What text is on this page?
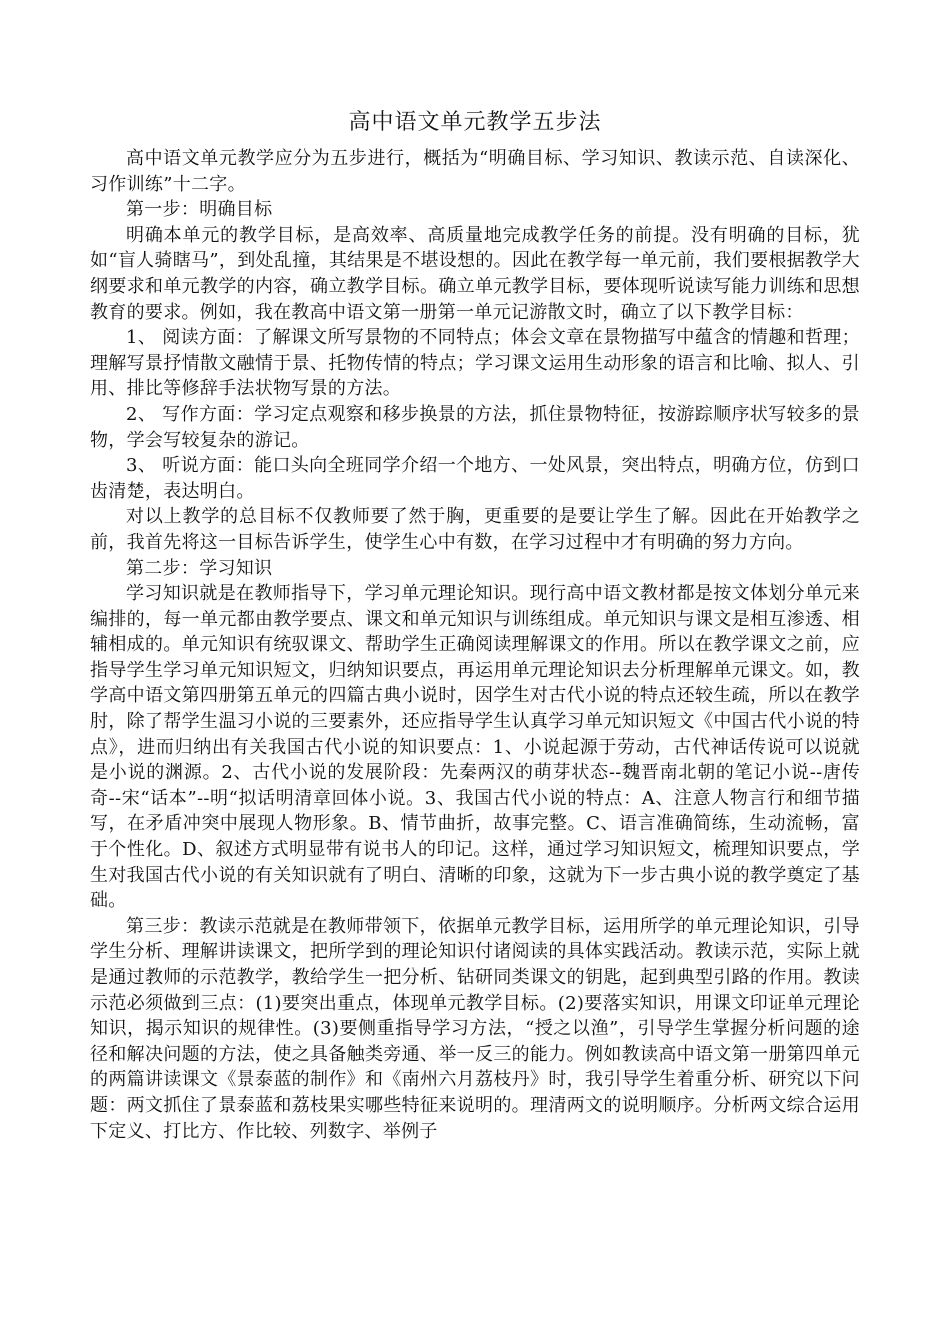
高中语文单元教学五步法

高中语文单元教学应分为五步进行，概括为“明确目标、学习知识、教读示范、自读深化、习作训练”十二字。

第一步：明确目标

明确本单元的教学目标，是高效率、高质量地完成教学任务的前提。没有明确的目标，犹如“盲人骑瞎马”，到处乱撞，其结果是不堪设想的。因此在教学每一单元前，我们要根据教学大纲要求和单元教学的内容，确立教学目标。确立单元教学目标，要体现听说读写能力训练和思想教育的要求。例如，我在教高中语文第一册第一单元记游散文时，确立了以下教学目标：

1、 阅读方面：了解课文所写景物的不同特点；体会文章在景物描写中蕴含的情趣和哲理；理解写景抒情散文融情于景、托物传情的特点；学习课文运用生动形象的语言和比喻、拟人、引用、排比等修辞手法状物写景的方法。

2、 写作方面：学习定点观察和移步换景的方法，抓住景物特征，按游踪顺序状写较多的景物，学会写较复杂的游记。

3、 听说方面：能口头向全班同学介绍一个地方、一处风景，突出特点，明确方位，仿到口齿清楚，表达明白。

对以上教学的总目标不仅教师要了然于胸，更重要的是要让学生了解。因此在开始教学之前，我首先将这一目标告诉学生，使学生心中有数，在学习过程中才有明确的努力方向。

第二步：学习知识

学习知识就是在教师指导下，学习单元理论知识。现行高中语文教材都是按文体划分单元来编排的，每一单元都由教学要点、课文和单元知识与训练组成。单元知识与课文是相互渗透、相辅相成的。单元知识有统驭课文、帮助学生正确阅读理解课文的作用。所以在教学课文之前，应指导学生学习单元知识短文，归纳知识要点，再运用单元理论知识去分析理解单元课文。如，教学高中语文第四册第五单元的四篇古典小说时，因学生对古代小说的特点还较生疏，所以在教学肘，除了帮学生温习小说的三要素外，还应指导学生认真学习单元知识短文《中国古代小说的特点》，进而归纳出有关我国古代小说的知识要点：1、小说起源于劳动，古代神话传说可以说就是小说的渊源。2、古代小说的发展阶段：先秦两汉的萌芽状态--魏晋南北朝的笔记小说--唐传奇--宋“话本”--明“拟话明清章回体小说。3、我国古代小说的特点：A、注意人物言行和细节描写，在矛盾冲突中展现人物形象。B、情节曲折，故事完整。C、语言准确简练，生动流畅，富于个性化。D、叙述方式明显带有说书人的印记。这样，通过学习知识短文，梳理知识要点，学生对我国古代小说的有关知识就有了明白、清晰的印象，这就为下一步古典小说的教学奠定了基础。

第三步：教读示范就是在教师带领下，依据单元教学目标，运用所学的单元理论知识，引导学生分析、理解讲读课文，把所学到的理论知识付诸阅读的具体实践活动。教读示范，实际上就是通过教师的示范教学，教给学生一把分析、钻研同类课文的钥匙，起到典型引路的作用。教读示范必须做到三点：(1)要突出重点，体现单元教学目标。(2)要落实知识，用课文印证单元理论知识，揭示知识的规律性。(3)要侧重指导学习方法，“授之以渔”，引导学生掌握分析问题的途径和解决问题的方法，使之具备触类旁通、举一反三的能力。例如教读高中语文第一册第四单元的两篇讲读课文《景泰蓝的制作》和《南州六月荔枝丹》时，我引导学生着重分析、研究以下问题：两文抓住了景泰蓝和荔枝果实哪些特征来说明的。理清两文的说明顺序。分析两文综合运用下定义、打比方、作比较、列数字、举例子
